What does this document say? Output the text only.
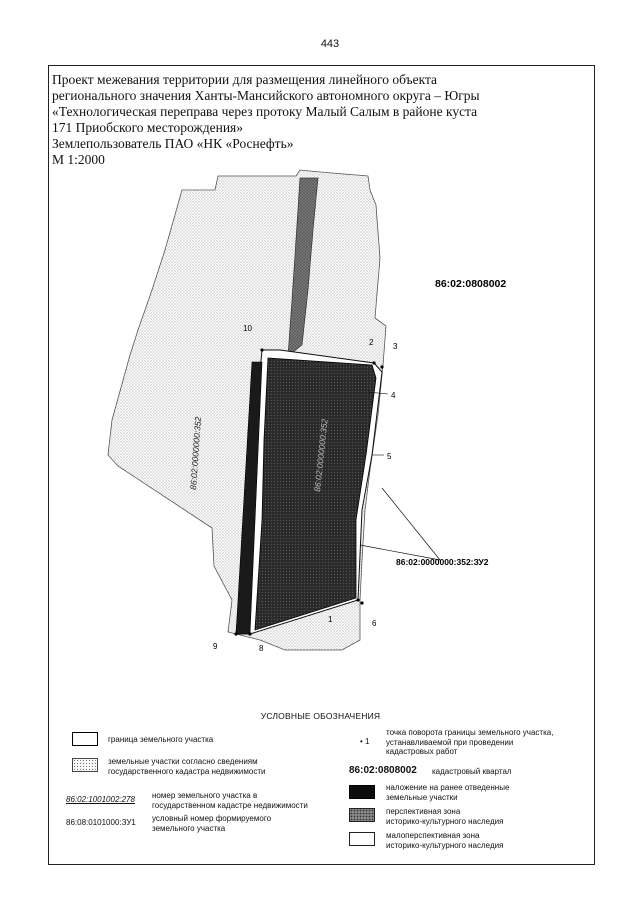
443
Проект межевания территории для размещения линейного объекта
регионального значения Ханты-Мансийского автономного округа – Югры
«Технологическая переправа через протоку Малый Салым в районе куста
171 Приобского месторождения»
Землепользователь ПАО «НК «Роснефть»
М 1:2000
10
2 3
4
5
1	6
9	8
86:02:0808002
86:02:0000000:352	86:02:0000000:352
86:02:0000000:352:ЗУ2
УСЛОВНЫЕ ОБОЗНАЧЕНИЯ
граница земельного участка
земельные участки согласно сведениям
государственного кадастра недвижимости
86:02:1001002:278 номер земельного участка в
государственном кадастре недвижимости
86:08:0101000:ЗУ1 условный номер формируемого
земельного участка
• 1
точка поворота границы земельного участка,
устанавливаемой при проведении
кадастровых работ
86:02:0808002 кадастровый квартал
наложение на ранее отведенные
земельные участки
перспективная зона
историко-культурного наследия
малоперспективная зона
историко-культурного наследия
